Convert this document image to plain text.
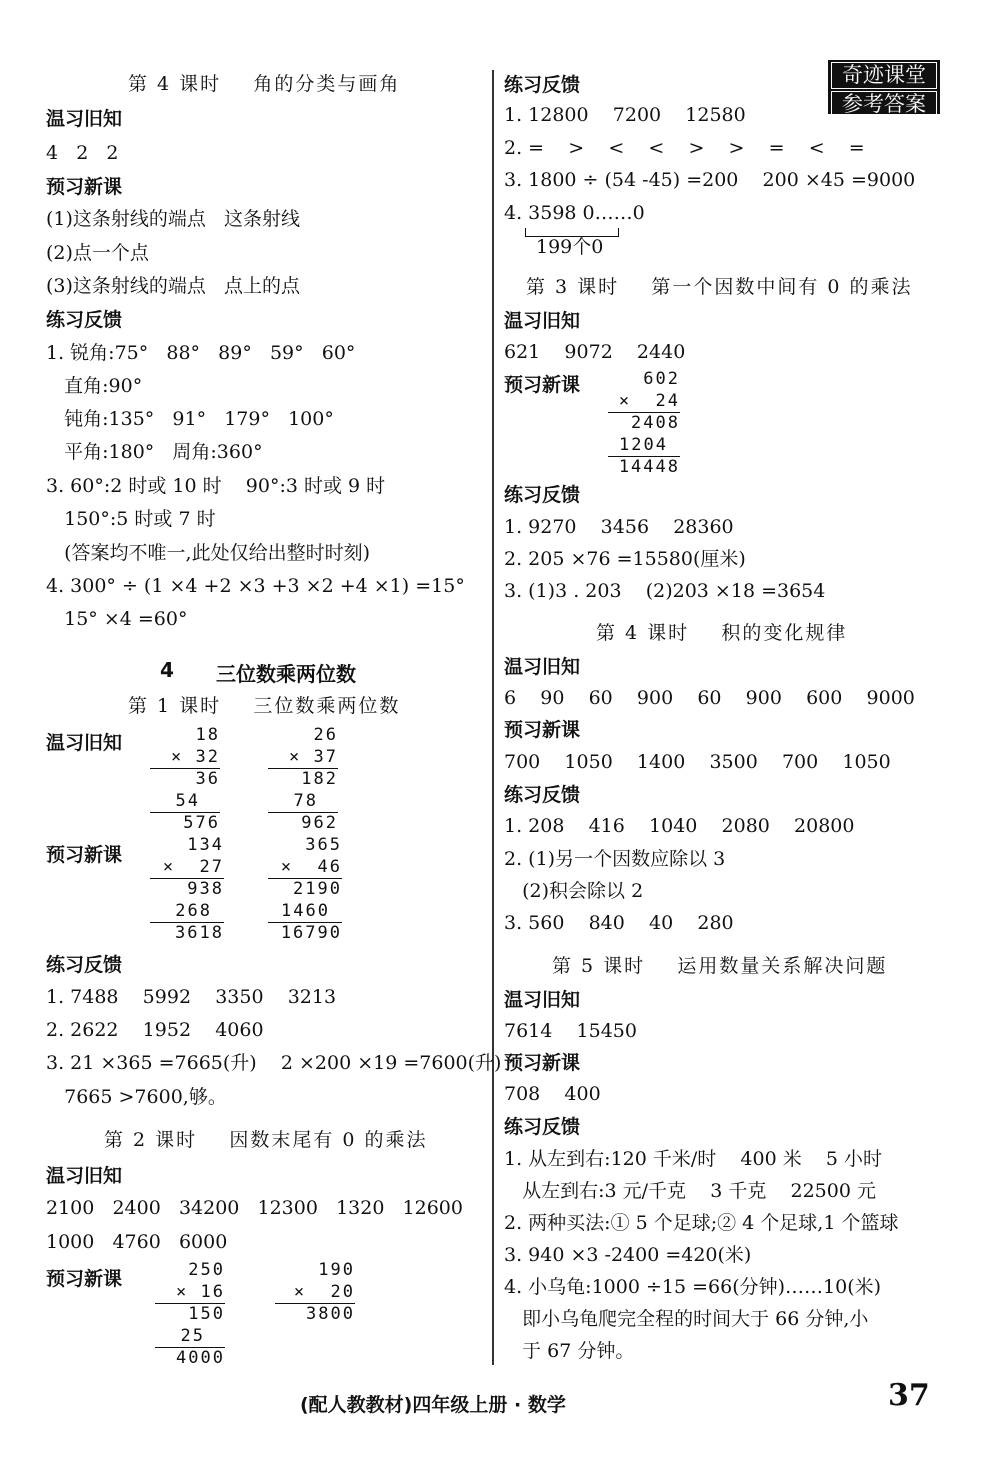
奇迹课堂
参考答案
第 4 课时    角的分类与画角
温习旧知
4   2   2
预习新课
(1)这条射线的端点   这条射线
(2)点一个点
(3)这条射线的端点   点上的点
练习反馈
1. 锐角:75°   88°   89°   59°   60°
直角:90°
钝角:135°   91°   179°   100°
平角:180°   周角:360°
3. 60°:2 时或 10 时    90°:3 时或 9 时
150°:5 时或 7 时
(答案均不唯一,此处仅给出整时时刻)
4. 300° ÷ (1 ×4 +2 ×3 +3 ×2 +4 ×1) =15°
15° ×4 =60°
4 三位数乘两位数
第 1 课时    三位数乘两位数
温习旧知	18
× 32
36
54
576
26
× 37
182
78
962
预习新课	134
×  27
938
268
3618
365
×  46
2190
1460
16790
练习反馈
1. 7488    5992    3350    3213
2. 2622    1952    4060
3. 21 ×365 =7665(升)    2 ×200 ×19 =7600(升)
7665 >7600,够。
第 2 课时    因数末尾有 0 的乘法
温习旧知
2100   2400   34200   12300   1320   12600
1000   4760   6000
预习新课	250
× 16
150
25
4000
190
×  20
3800
练习反馈
1. 12800    7200    12580
2. =    >    <    <    >    >    =    <    =
3. 1800 ÷ (54 -45) =200    200 ×45 =9000
4. 3598 0……0
199个0
第 3 课时    第一个因数中间有 0 的乘法
温习旧知
621    9072    2440
预习新课	602
×  24
2408
1204
14448
练习反馈
1. 9270    3456    28360
2. 205 ×76 =15580(厘米)
3. (1)3 . 203    (2)203 ×18 =3654
第 4 课时    积的变化规律
温习旧知
6    90    60    900    60    900    600    9000
预习新课
700    1050    1400    3500    700    1050
练习反馈
1. 208    416    1040    2080    20800
2. (1)另一个因数应除以 3
(2)积会除以 2
3. 560    840    40    280
第 5 课时    运用数量关系解决问题
温习旧知
7614    15450
预习新课
708    400
练习反馈
1. 从左到右:120 千米/时    400 米    5 小时
从左到右:3 元/千克    3 千克    22500 元
2. 两种买法:① 5 个足球;② 4 个足球,1 个篮球
3. 940 ×3 -2400 =420(米)
4. 小乌龟:1000 ÷15 =66(分钟)……10(米)
即小乌龟爬完全程的时间大于 66 分钟,小
于 67 分钟。
(配人教教材)四年级上册 · 数学	37
